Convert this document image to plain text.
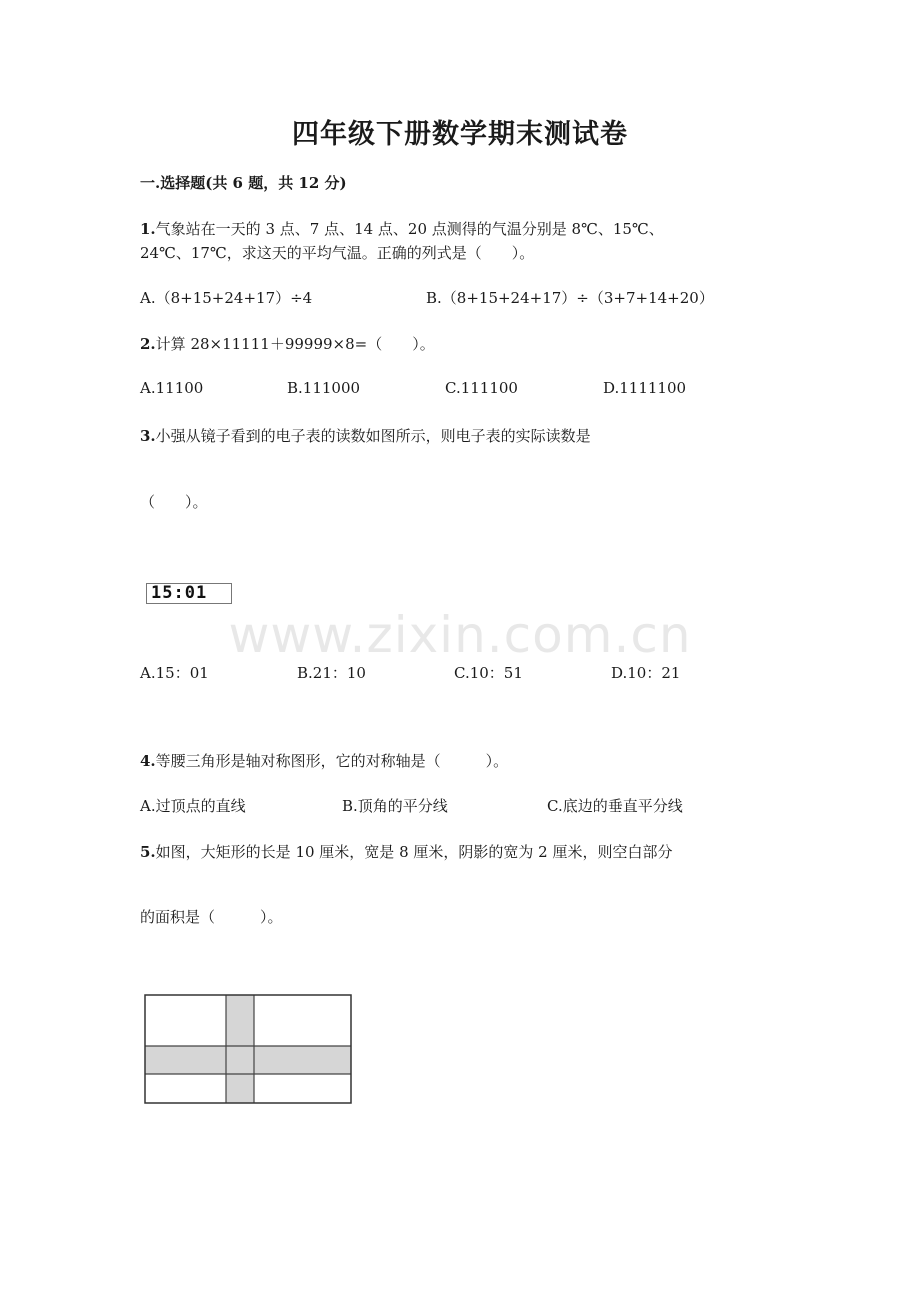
四年级下册数学期末测试卷
一.选择题(共 6 题，共 12 分)
1.气象站在一天的 3 点、7 点、14 点、20 点测得的气温分别是 8℃、15℃、
24℃、17℃，求这天的平均气温。正确的列式是（　　）。
A.（8+15+24+17）÷4	B.（8+15+24+17）÷（3+7+14+20）
2.计算 28×11111＋99999×8=（　　）。
A.11100	B.111000	C.111100	D.1111100
3.小强从镜子看到的电子表的读数如图所示，则电子表的实际读数是
（　　）。
15:01
www.zixin.com.cn
A.15：01	B.21：10	C.10：51	D.10：21
4.等腰三角形是轴对称图形，它的对称轴是（　　　）。
A.过顶点的直线	B.顶角的平分线	C.底边的垂直平分线
5.如图，大矩形的长是 10 厘米，宽是 8 厘米，阴影的宽为 2 厘米，则空白部分
的面积是（　　　）。
